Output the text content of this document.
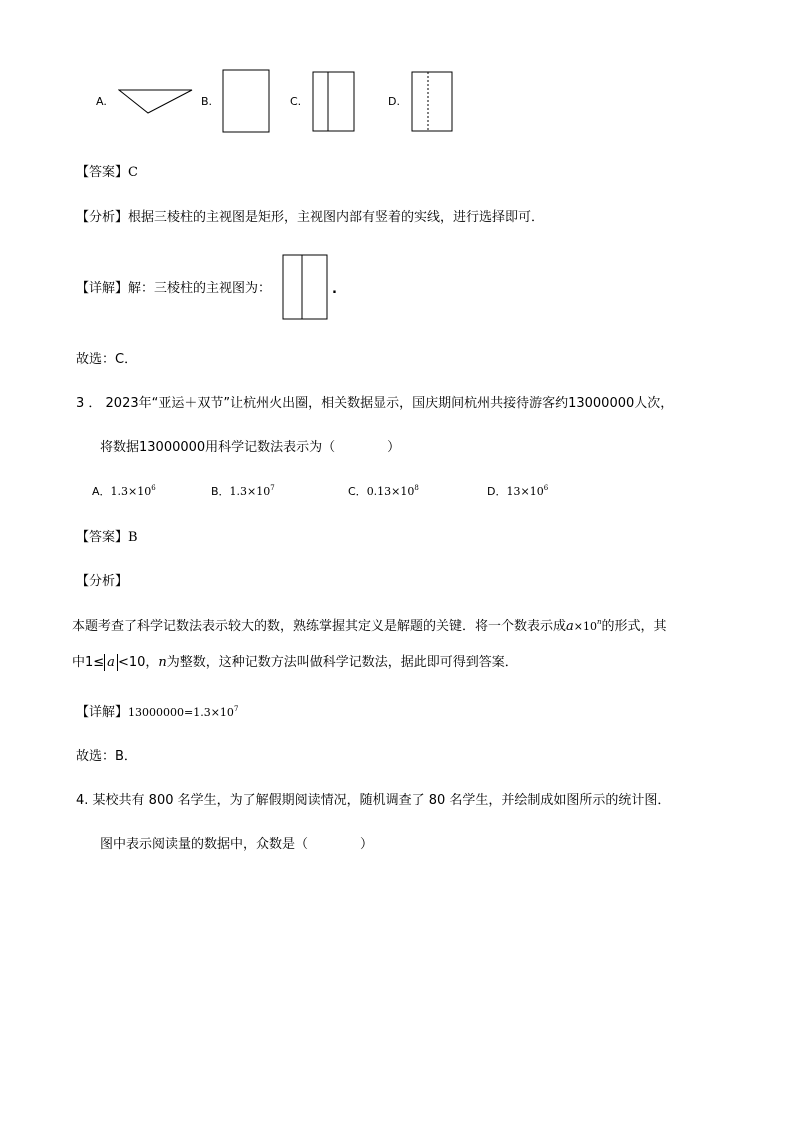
A.	B.	C.	D.
【答案】C
【分析】根据三棱柱的主视图是矩形，主视图内部有竖着的实线，进行选择即可．
【详解】解：三棱柱的主视图为：	.
故选：C．
3 ． 2023年“亚运＋双节”让杭州火出圈，相关数据显示，国庆期间杭州共接待游客约13000000人次，
将数据13000000用科学记数法表示为（　　　　）
A．$1.3\times 10^6$	B．$1.3\times 10^7$	C．$0.13\times 10^8$	D．$13\times 10^6$
【答案】B
【分析】
本题考查了科学记数法表示较大的数，熟练掌握其定义是解题的关键．将一个数表示成$a\times 10^n$的形式，其
中1≤ a <10，n为整数，这种记数方法叫做科学记数法，据此即可得到答案．
【详解】$13000000=1.3\times 10^7$
故选：B．
4. 某校共有 800 名学生，为了解假期阅读情况，随机调查了 80 名学生，并绘制成如图所示的统计图．
图中表示阅读量的数据中，众数是（　　　　）
